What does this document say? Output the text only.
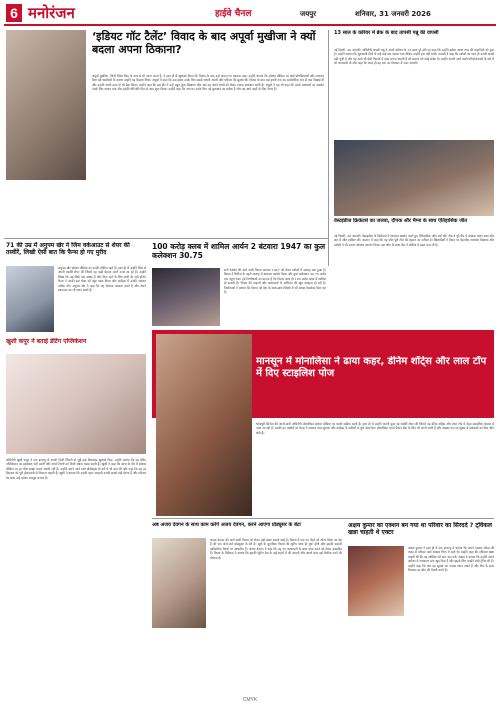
6 मनोरंजन	हाईवे चैनल	जयपुर	शनिवार, 31 जनवरी 2026
‘इडियट गॉट टैलेंट’ विवाद के बाद अपूर्वा मुखीजा ने क्यों बदला अपना ठिकाना?
अपूर्वा मुखीजा, जिन्हें रिबेल किड के नाम से भी जाना जाता है, ने हाल ही में खुलासा किया कि विवाद के बाद उन्हें अपना घर बदलना पड़ा। उन्होंने बताया कि सोशल मीडिया पर आई प्रतिक्रियाओं और लगातार मिल रही धमकियों के कारण उन्होंने यह फैसला लिया। अपूर्वा ने कहा कि उस समय उनके लिए सबसे जरूरी अपनी और परिवार की सुरक्षा थी। विवाद के बाद कई हफ्तों तक वह सार्वजनिक रूप से कम दिखाई दीं और उन्होंने अपने काम से भी ब्रेक लिया। उन्होंने कहा कि इस दौर ने उन्हें बहुत कुछ सिखाया और अब वह अपने शब्दों को लेकर ज्यादा सावधान रहती हैं। अपूर्वा ने यह भी कहा कि उनके प्रशंसकों का समर्थन उनके लिए ताकत बना और उन्होंने धीरे-धीरे फिर से काम शुरू किया। उन्होंने कहा कि नया घर उनके लिए नई शुरुआत का प्रतीक है और वह आगे बढ़ने के लिए तैयार हैं।
13 साल के करियर में ब्रेक के बाद तापसी पन्नू की वापसी
नई दिल्ली, 30 जनवरी। अभिनेत्री तापसी पन्नू ने अपने करियर के 13 साल पूरे होने पर कहा कि उन्होंने हमेशा अलग तरह की कहानियों को चुना है। उन्होंने बताया कि शुरुआती दिनों में उन्हें कई बार नकारा गया लेकिन उन्होंने हार नहीं मानी। तापसी ने कहा कि दर्शकों का प्यार ही उनकी सबसे बड़ी पूंजी है और वह आगे भी ऐसी फिल्मों में काम करना चाहती हैं जो समाज को कोई संदेश दें। उन्होंने अपनी आने वाली परियोजनाओं के बारे में भी जानकारी दी और कहा कि जल्द ही वह एक नए किरदार में नजर आएंगी।
वेस्टइंडीज क्रिकेटर्स का जलवा, दीपक और मैग्ना के साथ ऐतिहासिक जीत
नई दिल्ली, 30 जनवरी। वेस्टइंडीज के क्रिकेटर्स ने शानदार प्रदर्शन करते हुए ऐतिहासिक जीत दर्ज की। टीम ने पूरे मैच में दबदबा बनाए रखा और अंत में जीत हासिल की। कप्तान ने कहा कि यह जीत पूरी टीम की मेहनत का नतीजा है। खिलाड़ियों ने मैदान पर बेहतरीन तालमेल दिखाया और दर्शकों ने भी उनका जोरदार स्वागत किया। इस जीत के साथ टीम ने सीरीज में बढ़त बना ली है।
71 की उम्र में अनुपम खेर ने जिम वर्कआउट से शेयर की तस्वीरें, लिखी ऐसी बात कि फैन्स हो गए मुरीद
अनुपम खेर सोशल मीडिया पर काफी एक्टिव रहते हैं। हाल ही में उन्होंने जिम से अपनी तस्वीरें शेयर कीं जिनमें वह कड़ी मेहनत करते नजर आ रहे हैं। उन्होंने लिखा कि उम्र सिर्फ एक संख्या है और फिट रहने के लिए कभी देर नहीं होती। फैन्स ने उनकी इस पोस्ट को खूब पसंद किया और कमेंट्स में उनकी जमकर तारीफ की। अनुपम खेर ने कहा कि वह रोजाना व्यायाम करते हैं और अपने खानपान का भी ध्यान रखते हैं।
100 करोड़ क्लब में शामिल आर्यन 2 बंटवारा 1947 का कुल कलेक्शन 30.75
सनी देओल की आने वाली फिल्म बंटवारा 1947 को लेकर दर्शकों में उत्साह बना हुआ है। फिल्म ने रिलीज के पहले सप्ताह में शानदार प्रदर्शन किया और कुल कलेक्शन 30.75 करोड़ तक पहुंच गया। ट्रेड विश्लेषकों का मानना है कि फिल्म जल्द ही 100 करोड़ क्लब में शामिल हो सकती है। फिल्म की कहानी और कलाकारों के अभिनय की खूब सराहना हो रही है। निर्माताओं ने बताया कि फिल्म को देश के साथ-साथ विदेशों में भी अच्छा रिस्पॉन्स मिल रहा है।
खुशी कपूर ने बताई डेटिंग एप्लिकेशन
अभिनेत्री खुशी कपूर ने एक इंटरव्यू में अपनी निजी जिंदगी से जुड़े कई दिलचस्प खुलासे किए। उन्होंने बताया कि वह डेटिंग एप्लिकेशन का इस्तेमाल नहीं करतीं और अपने रिश्तों को निजी रखना पसंद करती हैं। खुशी ने कहा कि आज के दौर में सोशल मीडिया पर हर चीज साझा करना जरूरी नहीं है। उन्होंने अपने आने वाले प्रोजेक्ट्स के बारे में भी बात की और कहा कि वह हर किरदार को पूरी ईमानदारी से निभाना चाहती हैं। खुशी ने बताया कि उनकी बहन जान्हवी उनकी सबसे बड़ी प्रेरणा हैं और परिवार का साथ उन्हें हमेशा मजबूत बनाता है।
मानसून में मोनालिसा ने ढाया कहर, डेनिम शॉर्ट्स और लाल टॉप में दिए स्टाइलिश पोज
भोजपुरी सिनेमा की जानी-मानी अभिनेत्री मोनालिसा सोशल मीडिया पर काफी सक्रिय रहती हैं। हाल ही में उन्होंने अपनी कुछ नई तस्वीरें शेयर कीं जिनमें वह डेनिम शॉर्ट्स और लाल टॉप में बेहद स्टाइलिश अंदाज में नजर आ रही हैं। उनकी इन तस्वीरों पर फैन्स ने जमकर प्यार लुटाया और कमेंट्स में तारीफों के पुल बांध दिए। मोनालिसा अपने फैशन सेंस के लिए भी जानी जाती हैं और अक्सर नए-नए लुक्स से प्रशंसकों का दिल जीत लेती हैं।
अब अजय देवगन के साथ काम करेंगे अजय देवगन, करने आएगा प्रोड्यूसर के बेटा
अजय देवगन की आने वाली फिल्म को लेकर बड़ी खबर सामने आई है। फिल्म में एक नए चेहरे को लॉन्च किया जा रहा है जो एक जाने-माने प्रोड्यूसर के बेटे हैं। सूत्रों के मुताबिक फिल्म की शूटिंग जल्द ही शुरू होगी और इसकी कहानी पारिवारिक रिश्तों पर आधारित है। अजय देवगन ने कहा कि वह नए कलाकारों के साथ काम करने को लेकर उत्साहित हैं। फिल्म के निर्देशक ने बताया कि इसकी शूटिंग देश के कई शहरों में की जाएगी और अगले साल इसे रिलीज करने की योजना है।
अक्षय कुमार का एक्शन बन गया था परिवार का सिरदर्द ? ट्विंकल खन्ना चाहती थे एक्टर
अक्षय कुमार ने हाल ही में एक इंटरव्यू में बताया कि अपने एक्शन सीन्स की वजह से परिवार वाले अक्सर चिंता में रहते थे। उन्होंने कहा कि ट्विंकल खन्ना चाहती थीं कि वह जोखिम भरे स्टंट कम करें। अक्षय ने बताया कि उन्होंने अपने करियर में ज्यादातर स्टंट खुद किए हैं और इसके लिए उन्होंने लंबी ट्रेनिंग ली है। उन्होंने कहा कि अब वह सुरक्षा का ज्यादा ध्यान रखते हैं और टीम के साथ मिलकर हर सीन की तैयारी करते हैं।
CMYK
